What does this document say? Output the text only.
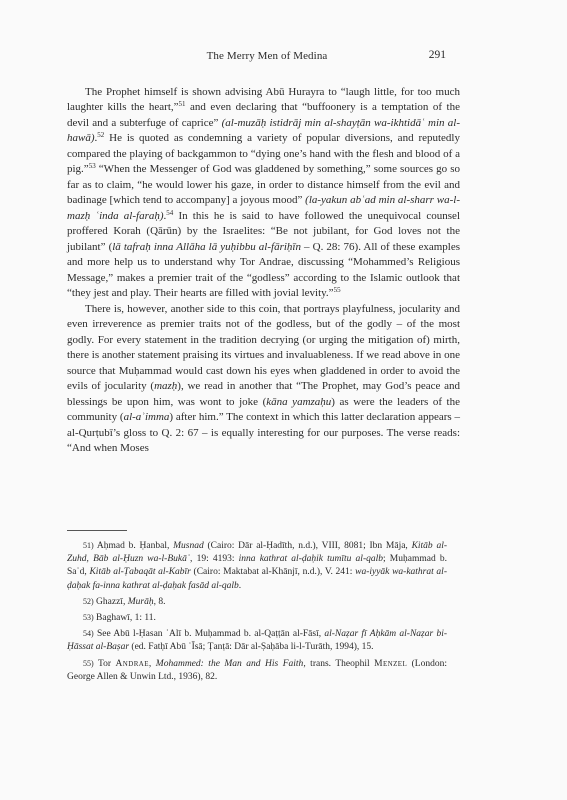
The Merry Men of Medina	291

The Prophet himself is shown advising Abū Hurayra to “laugh little, for too much laughter kills the heart,”$^{51}$ and even declaring that “buffoonery is a temptation of the devil and a subterfuge of caprice” (al-muzāḥ istidrāj min al-shayṭān wa-ikhtidāʿ min al-hawā).$^{52}$ He is quoted as condemning a variety of popular diversions, and reputedly compared the playing of backgammon to “dying one’s hand with the flesh and blood of a pig.”$^{53}$ “When the Messenger of God was gladdened by something,” some sources go so far as to claim, “he would lower his gaze, in order to distance himself from the evil and badinage [which tend to accompany] a joyous mood” (la-yakun abʿad min al-sharr wa-l-mazḥ ʿinda al-faraḥ).$^{54}$ In this he is said to have followed the unequivocal counsel proffered Korah (Qārūn) by the Israelites: “Be not jubilant, for God loves not the jubilant” (lā tafraḥ inna Allāha lā yuḥibbu al-fāriḥīn – Q. 28: 76). All of these examples and more help us to understand why Tor Andrae, discussing “Mohammed’s Religious Message,” makes a premier trait of the “godless” according to the Islamic outlook that “they jest and play. Their hearts are filled with jovial levity.”$^{55}$

There is, however, another side to this coin, that portrays playfulness, jocularity and even irreverence as premier traits not of the godless, but of the godly – of the most godly. For every statement in the tradition decrying (or urging the mitigation of) mirth, there is another statement praising its virtues and invaluableness. If we read above in one source that Muḥammad would cast down his eyes when gladdened in order to avoid the evils of jocularity (mazḥ), we read in another that “The Prophet, may God’s peace and blessings be upon him, was wont to joke (kāna yamzaḥu) as were the leaders of the community (al-aʾimma) after him.” The context in which this latter declaration appears – al-Qurṭubī’s gloss to Q. 2: 67 – is equally interesting for our purposes. The verse reads: “And when Moses

51) Aḥmad b. Ḥanbal, Musnad (Cairo: Dār al-Ḥadīth, n.d.), VIII, 8081; Ibn Māja, Kitāb al-Zuhd, Bāb al-Ḥuzn wa-l-Bukāʾ, 19: 4193: inna kathrat al-ḍaḥik tumītu al-qalb; Muḥammad b. Saʿd, Kitāb al-Ṭabaqāt al-Kabīr (Cairo: Maktabat al-Khānjī, n.d.), V. 241: wa-iyyāk wa-kathrat al-ḍaḥak fa-inna kathrat al-ḍaḥak fasād al-qalb.

52) Ghazzī, Murāḥ, 8.

53) Baghawī, 1: 11.

54) See Abū l-Ḥasan ʿAlī b. Muḥammad b. al-Qaṭṭān al-Fāsī, al-Naẓar fī Aḥkām al-Naẓar bi-Ḥāssat al-Baṣar (ed. Fatḥī Abū ʿĪsā; Ṭanṭā: Dār al-Ṣaḥāba li-l-Turāth, 1994), 15.

55) Tor Andrae, Mohammed: the Man and His Faith, trans. Theophil Menzel (London: George Allen & Unwin Ltd., 1936), 82.
